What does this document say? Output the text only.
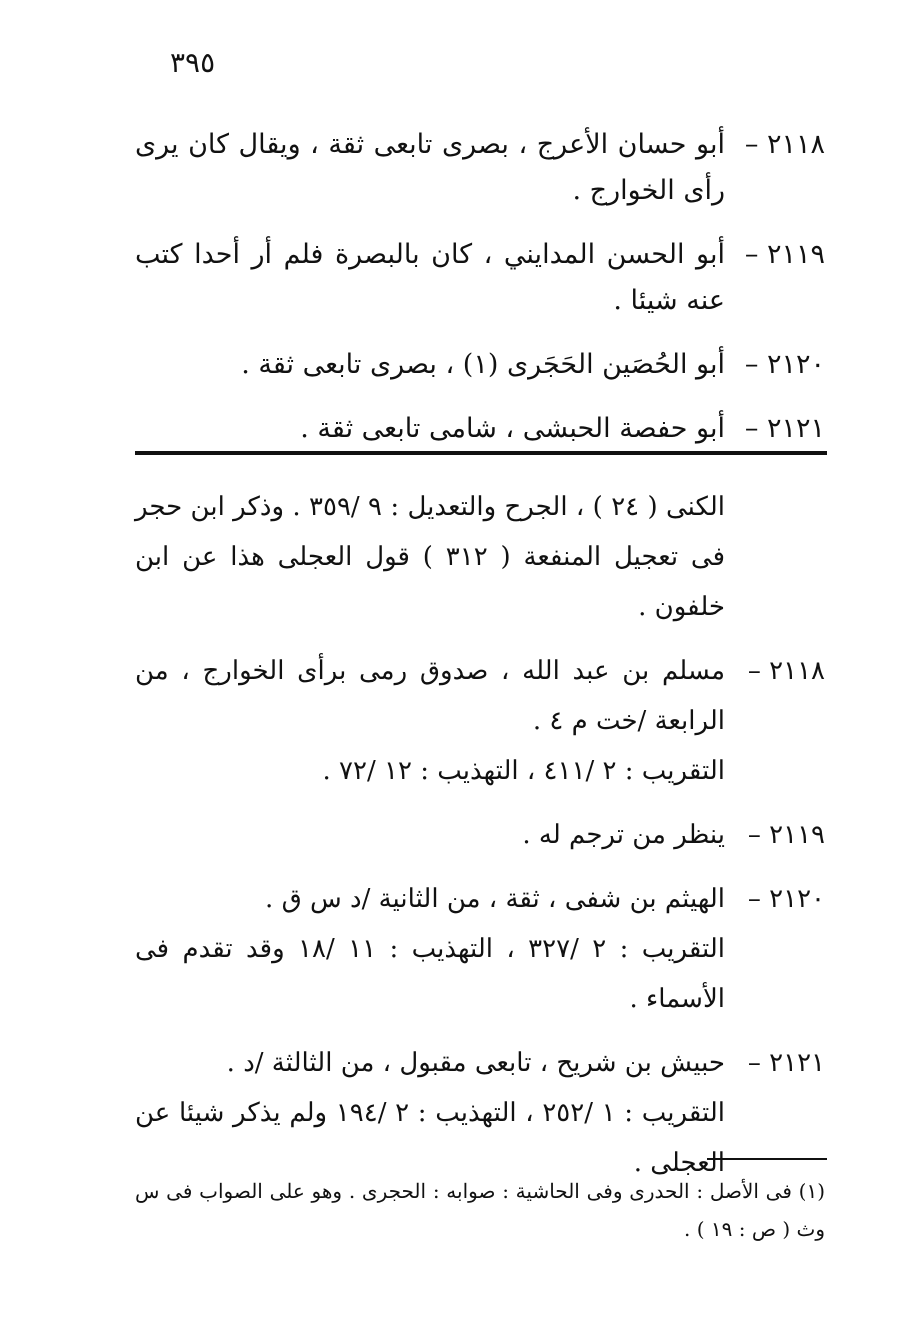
٣٩٥
٢١١٨ –
أبو حسان الأعرج ، بصرى تابعى ثقة ، ويقال كان يرى رأى الخوارج .
٢١١٩ –
أبو الحسن المدايني ، كان بالبصرة فلم أر أحدا كتب عنه شيئا .
٢١٢٠ –
أبو الحُصَين الحَجَرى (١) ، بصرى تابعى ثقة .
٢١٢١ –
أبو حفصة الحبشى ، شامى تابعى ثقة .
الكنى ( ٢٤ ) ، الجرح والتعديل : ٩ /٣٥٩ . وذكر ابن حجر فى تعجيل المنفعة ( ٣١٢ ) قول العجلى هذا عن ابن خلفون .
٢١١٨ –
مسلم بن عبد الله ، صدوق رمى برأى الخوارج ، من الرابعة /خت م ٤ .
التقريب : ٢ /٤١١ ، التهذيب : ١٢ /٧٢ .
٢١١٩ –
ينظر من ترجم له .
٢١٢٠ –
الهيثم بن شفى ، ثقة ، من الثانية /د س ق .
التقريب : ٢ /٣٢٧ ، التهذيب : ١١ /١٨ وقد تقدم فى الأسماء .
٢١٢١ –
حبيش بن شريح ، تابعى مقبول ، من الثالثة /د .
التقريب : ١ /٢٥٢ ، التهذيب : ٢ /١٩٤ ولم يذكر شيئا عن العجلى .
(١) فى الأصل : الحدرى وفى الحاشية : صوابه : الحجرى . وهو على الصواب فى س وث ( ص : ١٩ ) .
